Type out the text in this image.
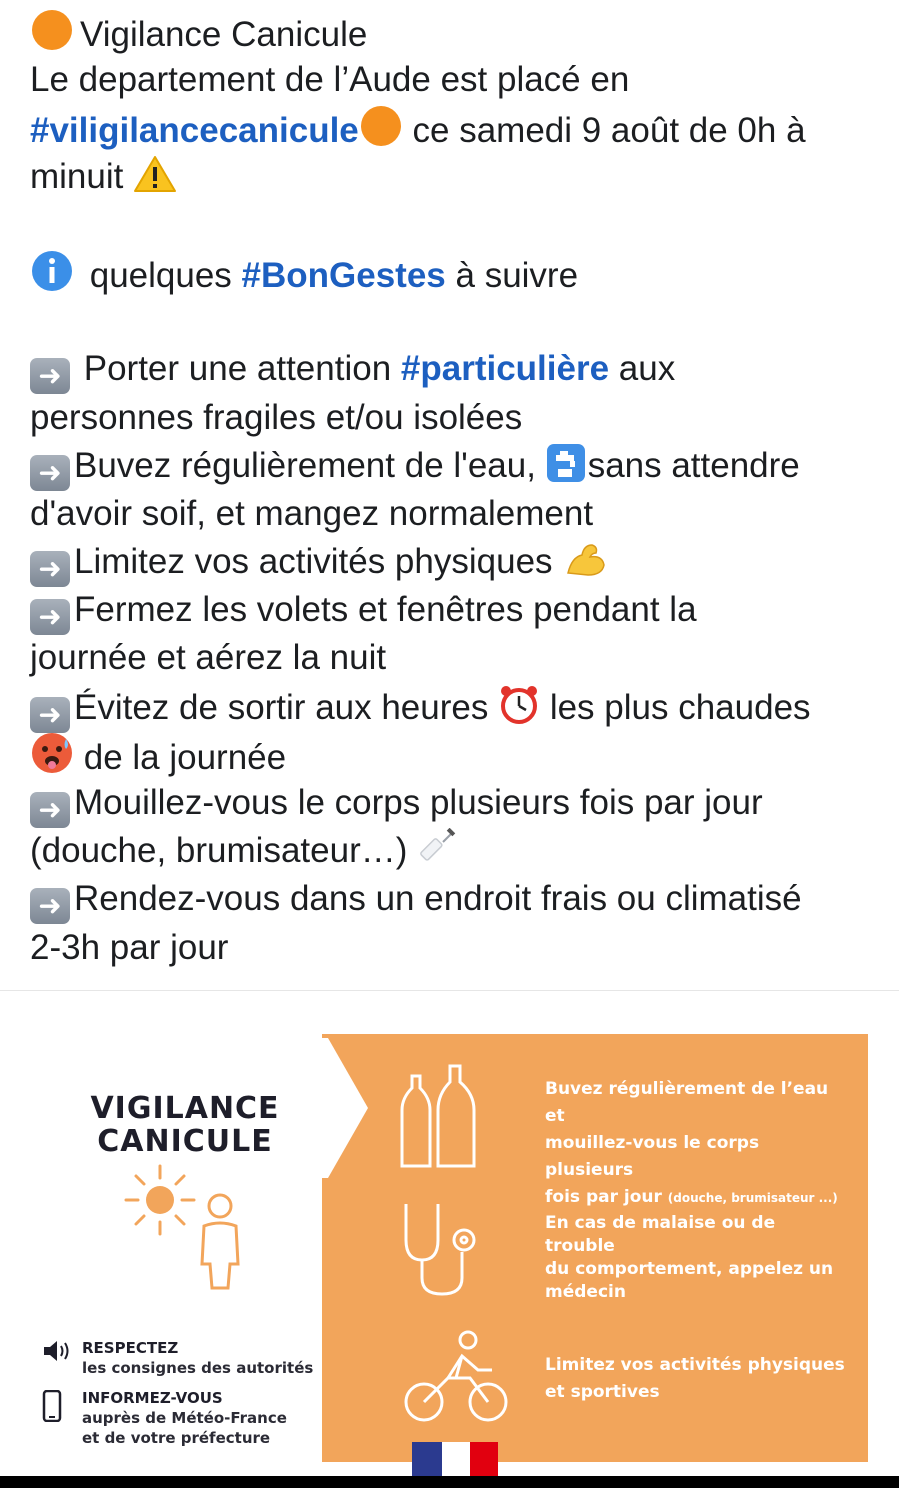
Vigilance Canicule
Le departement de l’Aude est placé en
#viligilancecanicule ce samedi 9 août de 0h à
minuit
quelques #BonGestes à suivre
➜ Porter une attention #particulière aux
personnes fragiles et/ou isolées
➜ Buvez régulièrement de l'eau, sans attendre
d'avoir soif, et mangez normalement
➜ Limitez vos activités physiques
➜ Fermez les volets et fenêtres pendant la
journée et aérez la nuit
➜ Évitez de sortir aux heures  les plus chaudes
de la journée
➜ Mouillez-vous le corps plusieurs fois par jour
(douche, brumisateur…)
➜ Rendez-vous dans un endroit frais ou climatisé
2-3h par jour
VIGILANCE
CANICULE
RESPECTEZ
les consignes des autorités
INFORMEZ-VOUS
auprès de Météo-France
et de votre préfecture
Buvez régulièrement de l’eau et
mouillez-vous le corps plusieurs
fois par jour (douche, brumisateur ...)
En cas de malaise ou de trouble
du comportement, appelez un
médecin
Limitez vos activités physiques
et sportives
